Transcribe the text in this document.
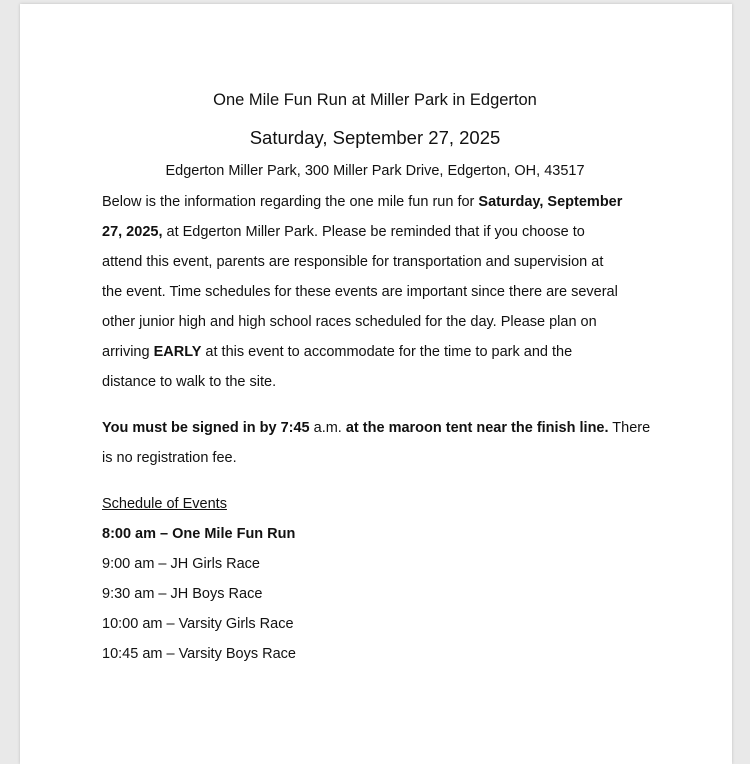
One Mile Fun Run at Miller Park in Edgerton
Saturday, September 27, 2025
Edgerton Miller Park, 300 Miller Park Drive, Edgerton, OH, 43517
Below is the information regarding the one mile fun run for Saturday, September
27, 2025, at Edgerton Miller Park. Please be reminded that if you choose to
attend this event, parents are responsible for transportation and supervision at
the event. Time schedules for these events are important since there are several
other junior high and high school races scheduled for the day. Please plan on
arriving EARLY at this event to accommodate for the time to park and the
distance to walk to the site.
You must be signed in by 7:45 a.m. at the maroon tent near the finish line. There
is no registration fee.
Schedule of Events
8:00 am – One Mile Fun Run
9:00 am – JH Girls Race
9:30 am – JH Boys Race
10:00 am – Varsity Girls Race
10:45 am – Varsity Boys Race
